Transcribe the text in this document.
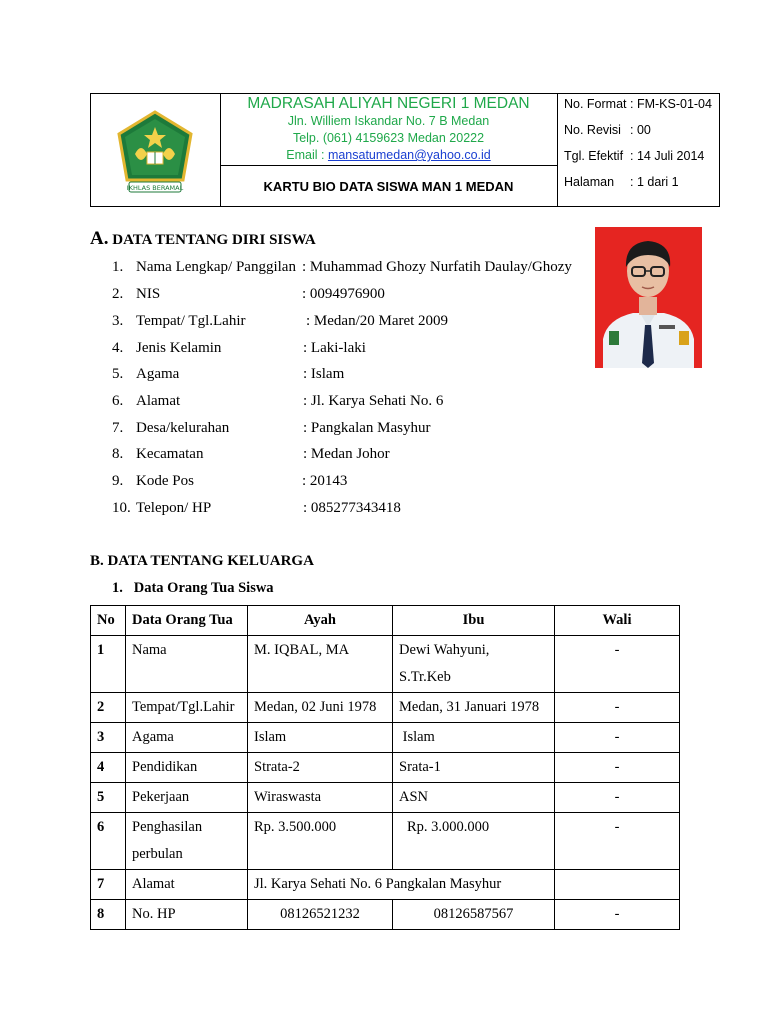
IKHLAS BERAMAL
MADRASAH ALIYAH NEGERI 1 MEDAN
Jln. Williem Iskandar No. 7 B Medan
Telp. (061) 4159623 Medan 20222
Email : mansatumedan@yahoo.co.id
KARTU BIO DATA SISWA MAN 1 MEDAN
No. Format : FM-KS-01-04
No. Revisi : 00
Tgl. Efektif : 14 Juli 2014
Halaman : 1 dari 1
A. DATA TENTANG DIRI SISWA
1. Nama Lengkap/ Panggilan : Muhammad Ghozy Nurfatih Daulay/Ghozy
2. NIS	: 0094976900
3. Tempat/ Tgl.Lahir	: Medan/20 Maret 2009
4. Jenis Kelamin	: Laki-laki
5. Agama	: Islam
6. Alamat	: Jl. Karya Sehati No. 6
7. Desa/kelurahan	: Pangkalan Masyhur
8. Kecamatan	: Medan Johor
9. Kode Pos	: 20143
10. Telepon/ HP	: 085277343418
B. DATA TENTANG KELUARGA
1. Data Orang Tua Siswa
No	Data Orang Tua	Ayah	Ibu	Wali
1	Nama	M. IQBAL, MA	Dewi Wahyuni,
S.Tr.Keb	-
2	Tempat/Tgl.Lahir	Medan, 02 Juni 1978	Medan, 31 Januari 1978	-
3	Agama	Islam	Islam	-
4	Pendidikan	Strata-2	Srata-1	-
5	Pekerjaan	Wiraswasta	ASN	-
6	Penghasilan
perbulan	Rp. 3.500.000	Rp. 3.000.000	-
7	Alamat	Jl. Karya Sehati No. 6 Pangkalan Masyhur		
8	No. HP	08126521232	08126587567	-
